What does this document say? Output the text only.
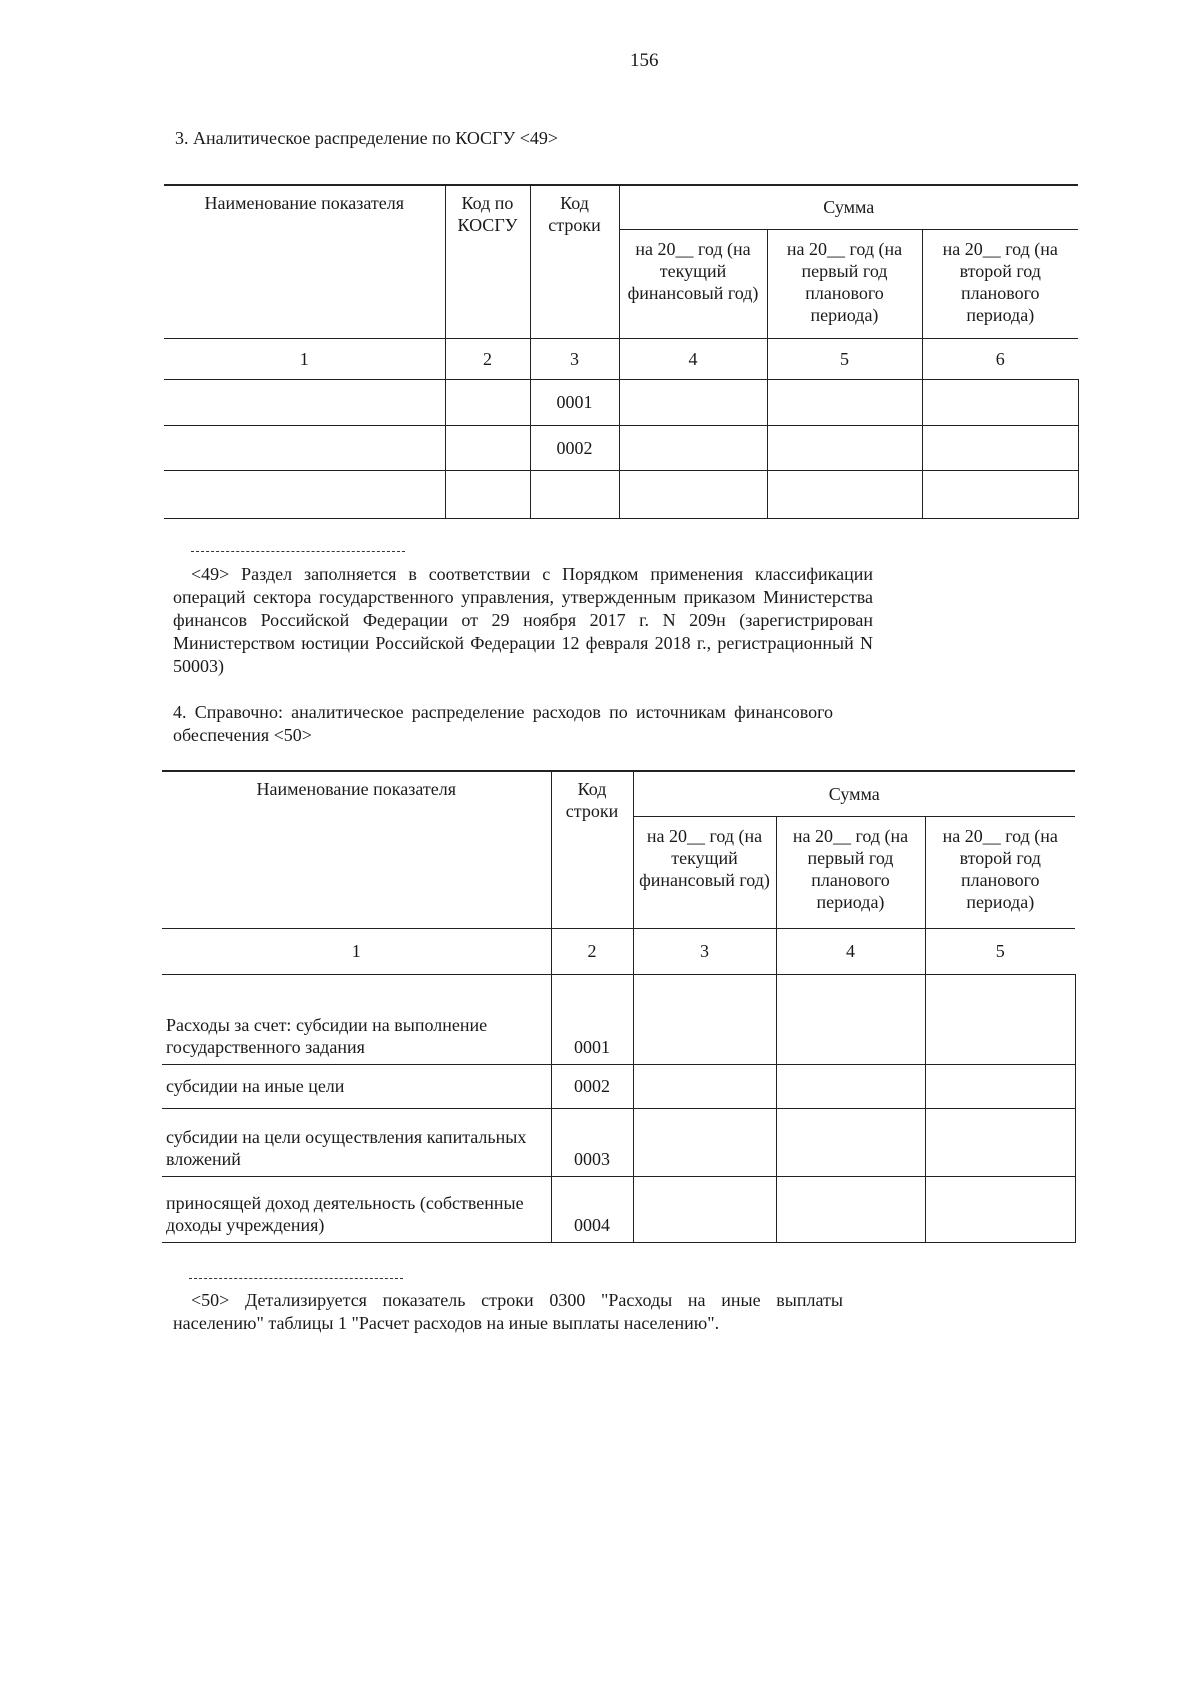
156
3. Аналитическое распределение по КОСГУ <49>
Наименование показателя	Код по КОСГУ	Код строки	Сумма		
			на 20__ год (на текущий финансовый год)	на 20__ год (на первый год планового периода)	на 20__ год (на второй год планового периода)
1	2	3	4	5	6
		0001			
		0002			

<49> Раздел заполняется в соответствии с Порядком применения классификации операций сектора государственного управления, утвержденным приказом Министерства финансов Российской Федерации от 29 ноября 2017 г. N 209н (зарегистрирован Министерством юстиции Российской Федерации 12 февраля 2018 г., регистрационный N 50003)
4. Справочно: аналитическое распределение расходов по источникам финансового обеспечения <50>
Наименование показателя	Код строки	Сумма		
		на 20__ год (на текущий финансовый год)	на 20__ год (на первый год планового периода)	на 20__ год (на второй год планового периода)
1	2	3	4	5
Расходы за счет: субсидии на выполнение государственного задания	0001			
субсидии на иные цели	0002			
субсидии на цели осуществления капитальных вложений	0003			
приносящей доход деятельность (собственные доходы учреждения)	0004			
<50> Детализируется показатель строки 0300 "Расходы на иные выплаты населению" таблицы 1 "Расчет расходов на иные выплаты населению".
